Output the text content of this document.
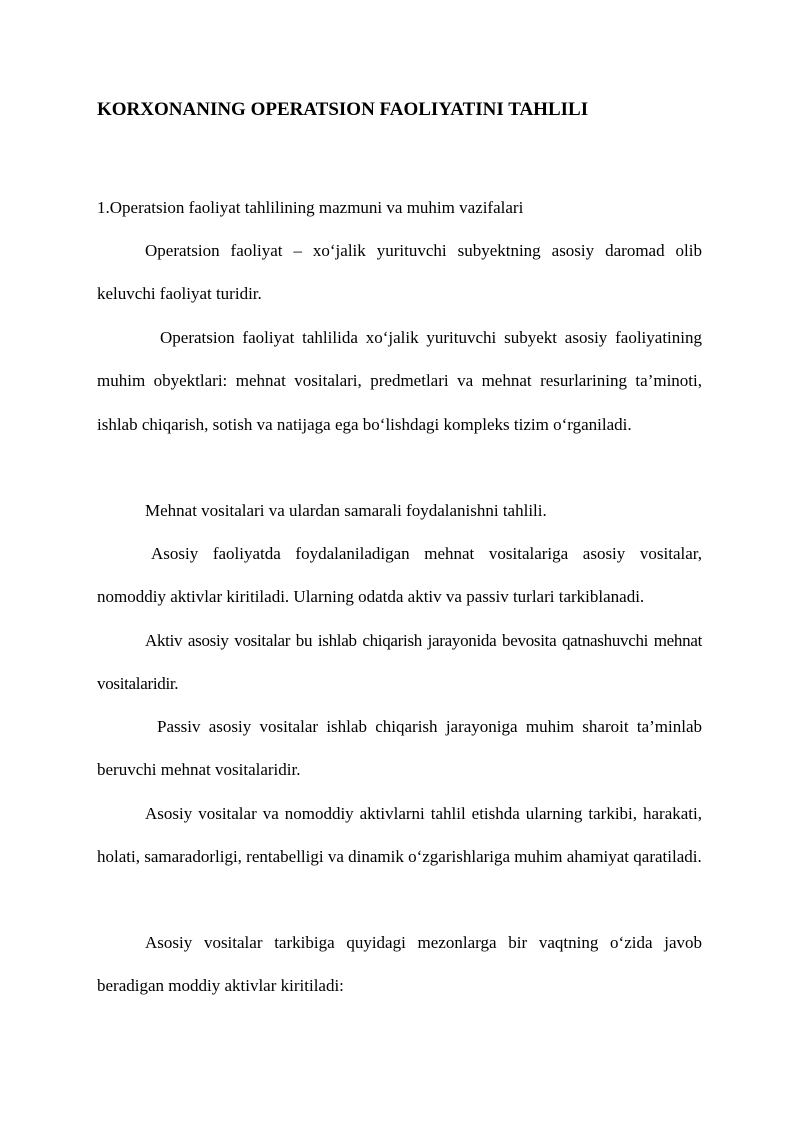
KORXONANING OPERATSION FAOLIYATINI TAHLILI

1.Operatsion faoliyat tahlilining mazmuni va muhim vazifalari

Operatsion faoliyat – xo‘jalik yurituvchi subyektning asosiy daromad olib keluvchi faoliyat turidir.

Operatsion faoliyat tahlilida xo‘jalik yurituvchi subyekt asosiy faoliyatining muhim obyektlari: mehnat vositalari, predmetlari va mehnat resurlarining ta’minoti, ishlab chiqarish, sotish va natijaga ega bo‘lishdagi kompleks tizim o‘rganiladi.

Mehnat vositalari va ulardan samarali foydalanishni tahlili.

Asosiy faoliyatda foydalaniladigan mehnat vositalariga asosiy vositalar, nomoddiy aktivlar kiritiladi. Ularning odatda aktiv va passiv turlari tarkiblanadi.

Aktiv asosiy vositalar bu ishlab chiqarish jarayonida bevosita qatnashuvchi mehnat vositalaridir.

Passiv asosiy vositalar ishlab chiqarish jarayoniga muhim sharoit ta’minlab beruvchi mehnat vositalaridir.

Asosiy vositalar va nomoddiy aktivlarni tahlil etishda ularning tarkibi, harakati, holati, samaradorligi, rentabelligi va dinamik o‘zgarishlariga muhim ahamiyat qaratiladi.

Asosiy vositalar tarkibiga quyidagi mezonlarga bir vaqtning o‘zida javob beradigan moddiy aktivlar kiritiladi:
